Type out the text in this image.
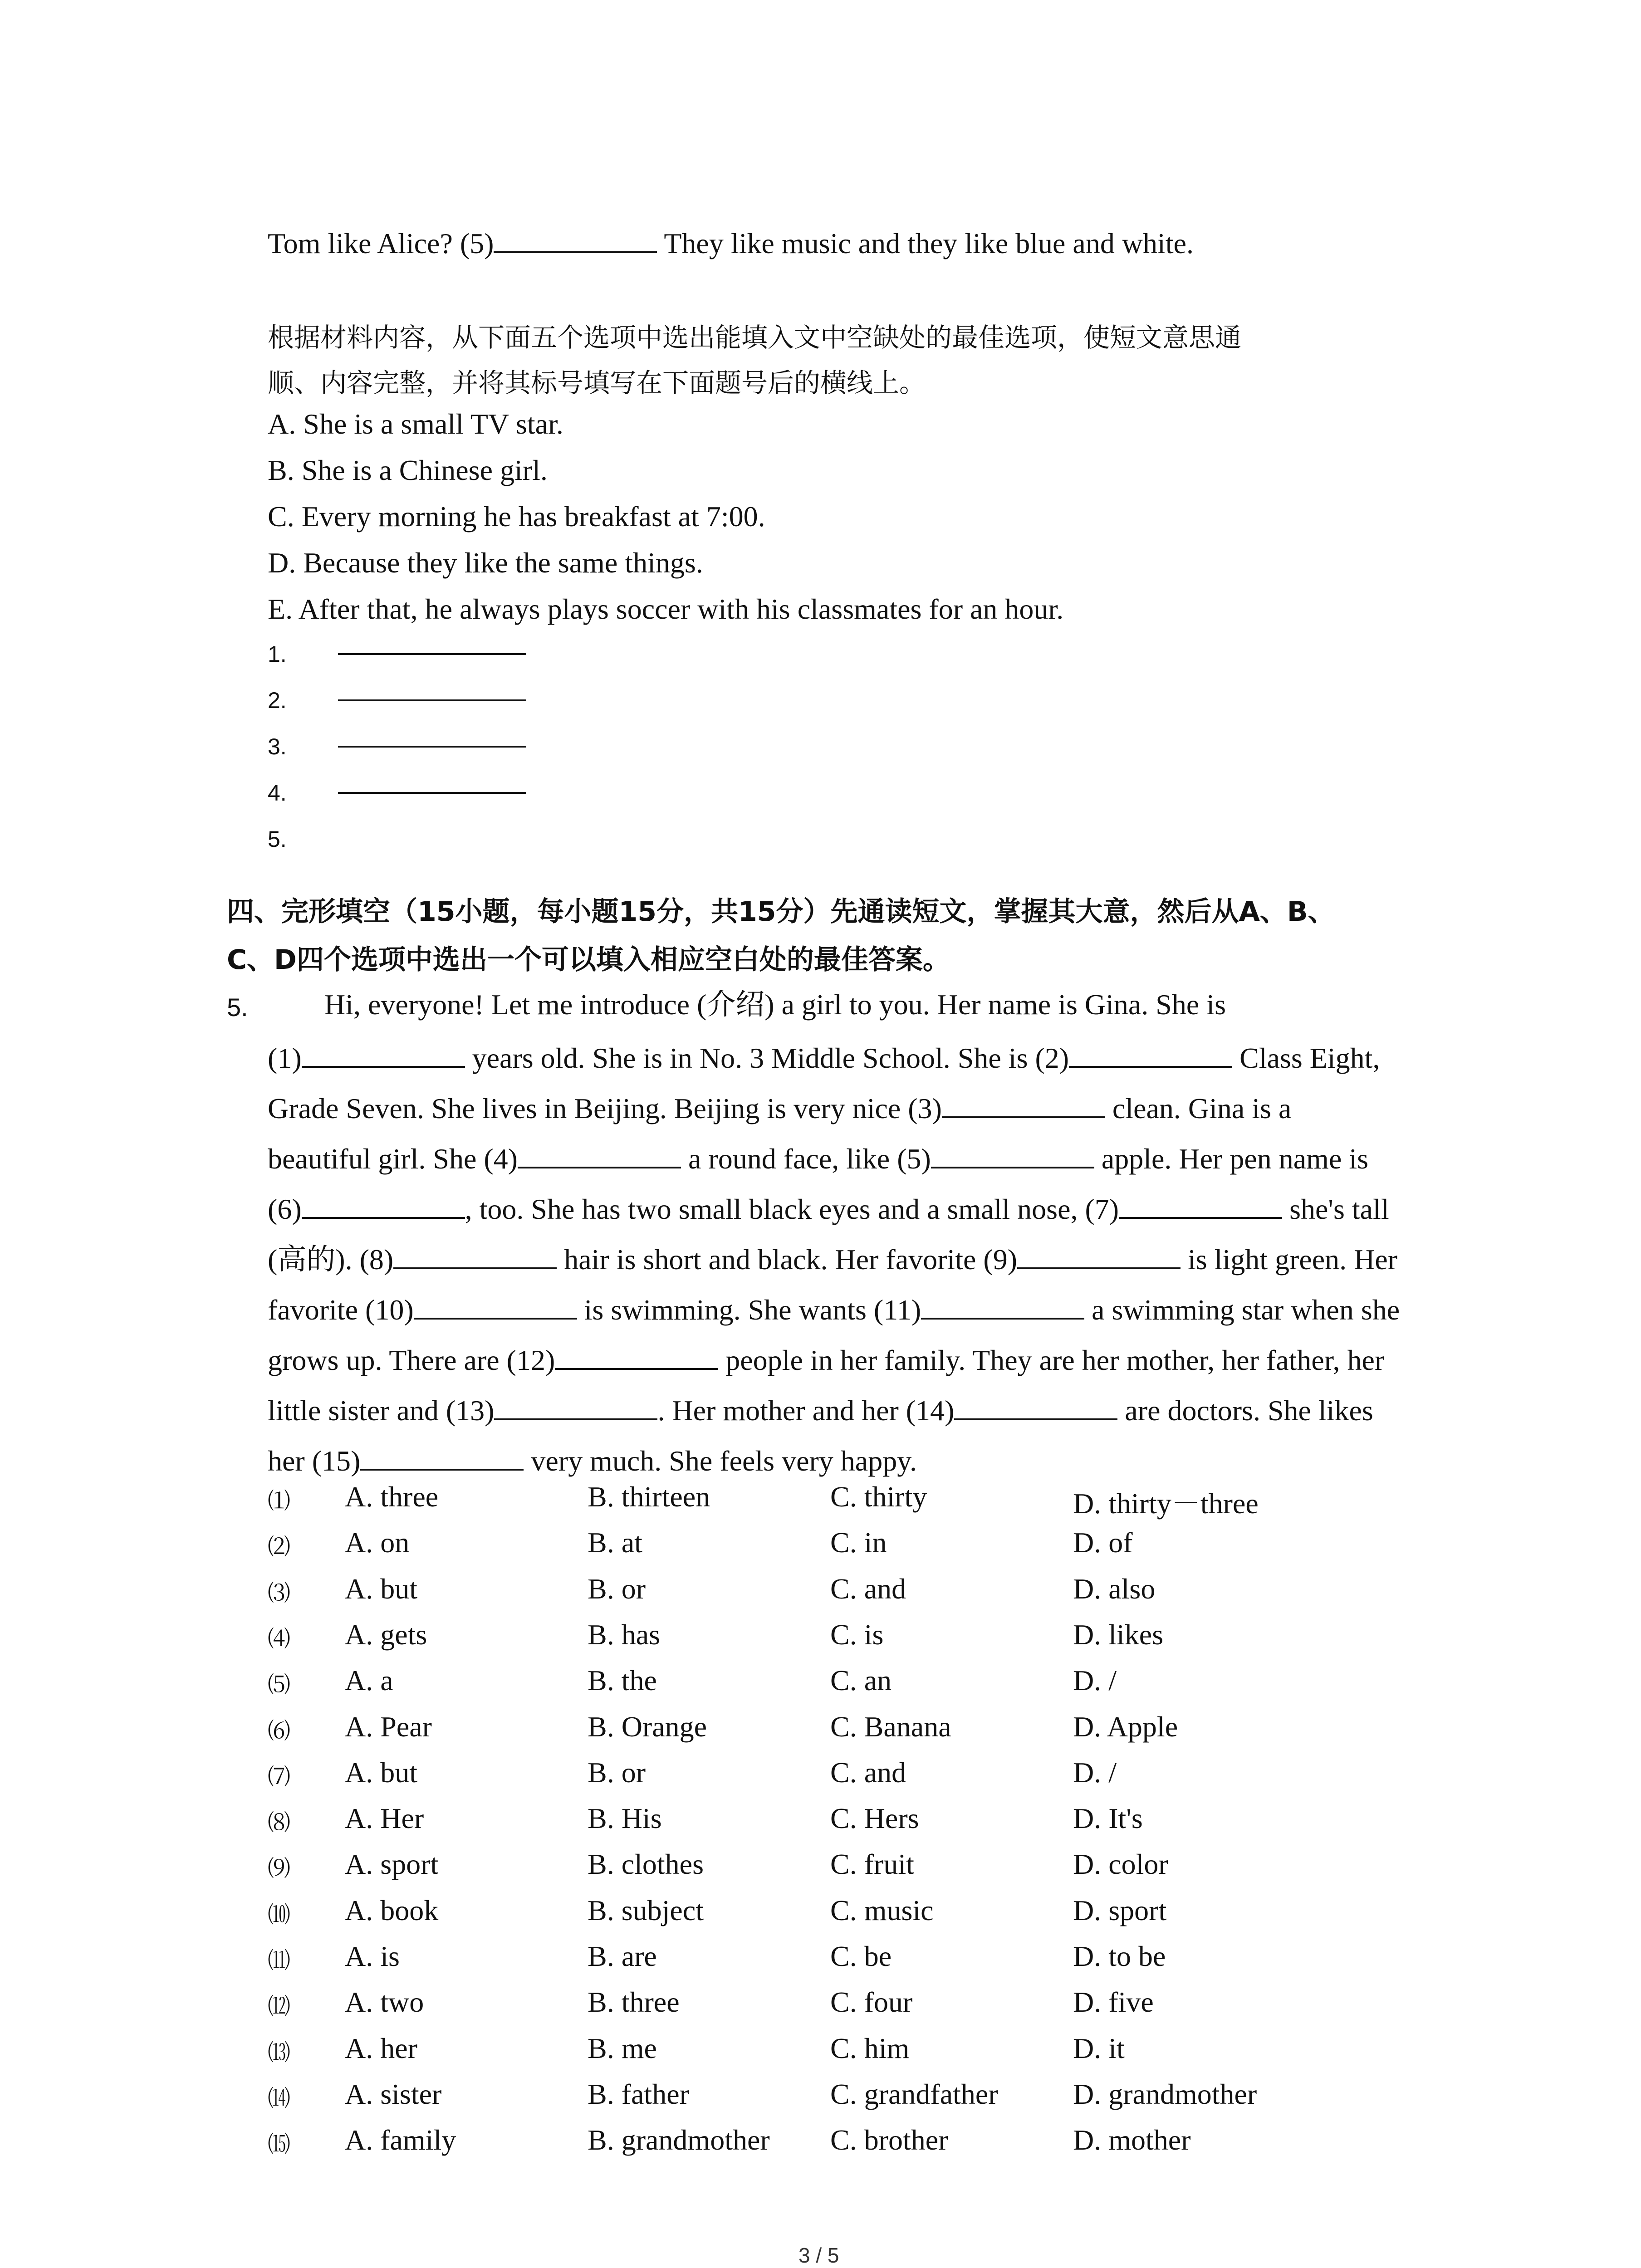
Tom like Alice? (5)	They like music and they like blue and white.
根据材料内容，从下面五个选项中选出能填入文中空缺处的最佳选项，使短文意思通
顺、内容完整，并将其标号填写在下面题号后的横线上。
A. She is a small TV star.
B. She is a Chinese girl.
C. Every morning he has breakfast at 7:00.
D. Because they like the same things.
E. After that, he always plays soccer with his classmates for an hour.
1.
2.
3.
4.
5.
四、完形填空（15小题，每小题15分，共15分）先通读短文，掌握其大意，然后从A、B、
C、D四个选项中选出一个可以填入相应空白处的最佳答案。
5.	Hi, everyone! Let me introduce (介绍) a girl to you. Her name is Gina. She is
(1)	years old. She is in No. 3 Middle School. She is (2)	Class Eight,
Grade Seven. She lives in Beijing. Beijing is very nice (3)	clean. Gina is a
beautiful girl. She (4)	a round face, like (5)	apple. Her pen name is
(6)	, too. She has two small black eyes and a small nose, (7)	she's tall
(高的). (8)	hair is short and black. Her favorite (9)	is light green. Her
favorite (10)	is swimming. She wants (11)	a swimming star when she
grows up. There are (12)	people in her family. They are her mother, her father, her
little sister and (13)	. Her mother and her (14)	are doctors. She likes
her (15)	very much. She feels very happy.
⑴ A. three	B. thirteen	C. thirty	D. thirty－three
⑵ A. on	B. at	C. in	D. of
⑶ A. but	B. or	C. and	D. also
⑷ A. gets	B. has	C. is	D. likes
⑸ A. a	B. the	C. an	D. /
⑹ A. Pear	B. Orange	C. Banana	D. Apple
⑺ A. but	B. or	C. and	D. /
⑻ A. Her	B. His	C. Hers	D. It's
⑼ A. sport	B. clothes	C. fruit	D. color
⑽ A. book	B. subject	C. music	D. sport
⑾ A. is	B. are	C. be	D. to be
⑿ A. two	B. three	C. four	D. five
⒀ A. her	B. me	C. him	D. it
⒁ A. sister	B. father	C. grandfather	D. grandmother
⒂ A. family	B. grandmother C. brother	D. mother
3 / 5
